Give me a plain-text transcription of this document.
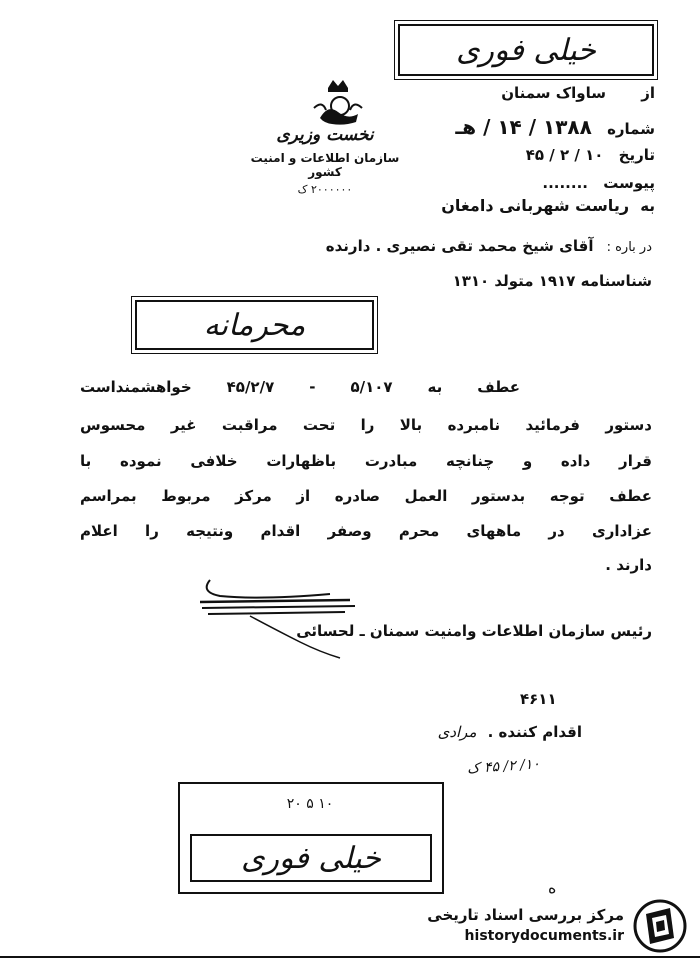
خیلی فوری
نخست وزیری
سازمان اطلاعات و امنیت کشور
۲۰۰۰۰۰۰ ک
از ساواک سمنان
شماره ۱۳۸۸ / ۱۴ / هـ
تاریخ ۱۰ / ۲ / ۴۵
پیوست ........
به ریاست شهربانی دامغان
در باره : آقای شیخ محمد تقی نصیری . دارنده
شناسنامه ۱۹۱۷ متولد ۱۳۱۰
محرمانه
عطف به ۵/۱۰۷ - ۴۵/۲/۷ خواهشمنداست
دستور فرمائید نامبرده بالا را تحت مراقبت غیر محسوس
قرار داده و چنانچه مبادرت باظهارات خلافی نموده با
عطف توجه بدستور العمل صادره از مرکز مربوط بمراسم
عزاداری در ماههای محرم وصفر اقدام ونتیجه را اعلام
دارند .
رئیس سازمان اطلاعات وامنیت سمنان ـ لحسائی
۴۶۱۱
اقدام کننده . مرادی
۱۰/ ۲/ ۴۵ ک
۲۰ ۵ ۱۰
خیلی فوری
ه
مرکز بررسی اسناد تاریخی
historydocuments.ir
